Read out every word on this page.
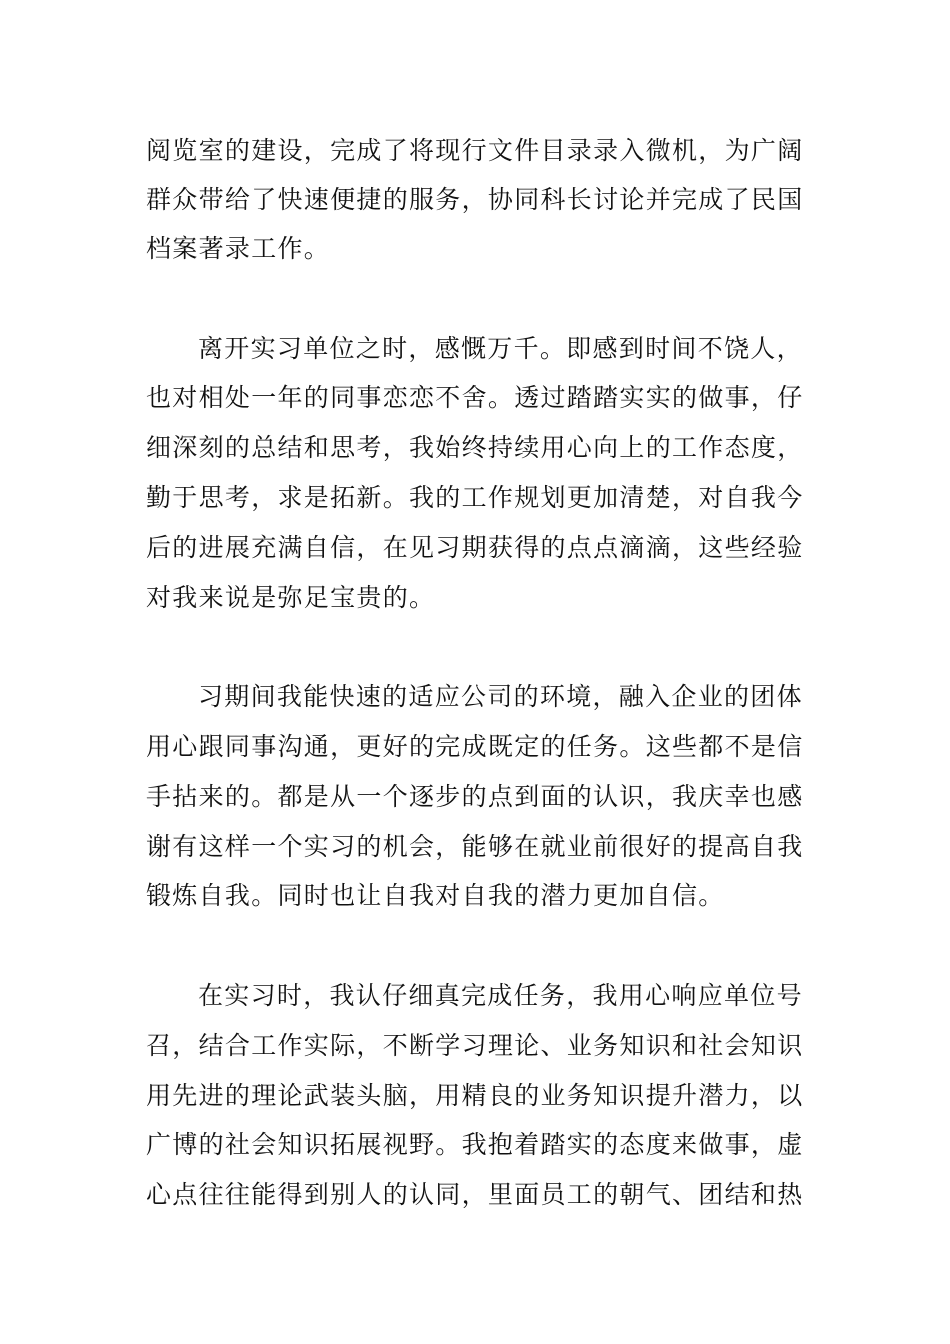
阅览室的建设，完成了将现行文件目录录入微机，为广阔
群众带给了快速便捷的服务，协同科长讨论并完成了民国
档案著录工作。
离开实习单位之时，感慨万千。即感到时间不饶人，
也对相处一年的同事恋恋不舍。透过踏踏实实的做事，仔
细深刻的总结和思考，我始终持续用心向上的工作态度，
勤于思考，求是拓新。我的工作规划更加清楚，对自我今
后的进展充满自信，在见习期获得的点点滴滴，这些经验
对我来说是弥足宝贵的。
习期间我能快速的适应公司的环境，融入企业的团体
用心跟同事沟通，更好的完成既定的任务。这些都不是信
手拈来的。都是从一个逐步的点到面的认识，我庆幸也感
谢有这样一个实习的机会，能够在就业前很好的提高自我
锻炼自我。同时也让自我对自我的潜力更加自信。
在实习时，我认仔细真完成任务，我用心响应单位号
召，结合工作实际，不断学习理论、业务知识和社会知识
用先进的理论武装头脑，用精良的业务知识提升潜力，以
广博的社会知识拓展视野。我抱着踏实的态度来做事，虚
心点往往能得到别人的认同，里面员工的朝气、团结和热
